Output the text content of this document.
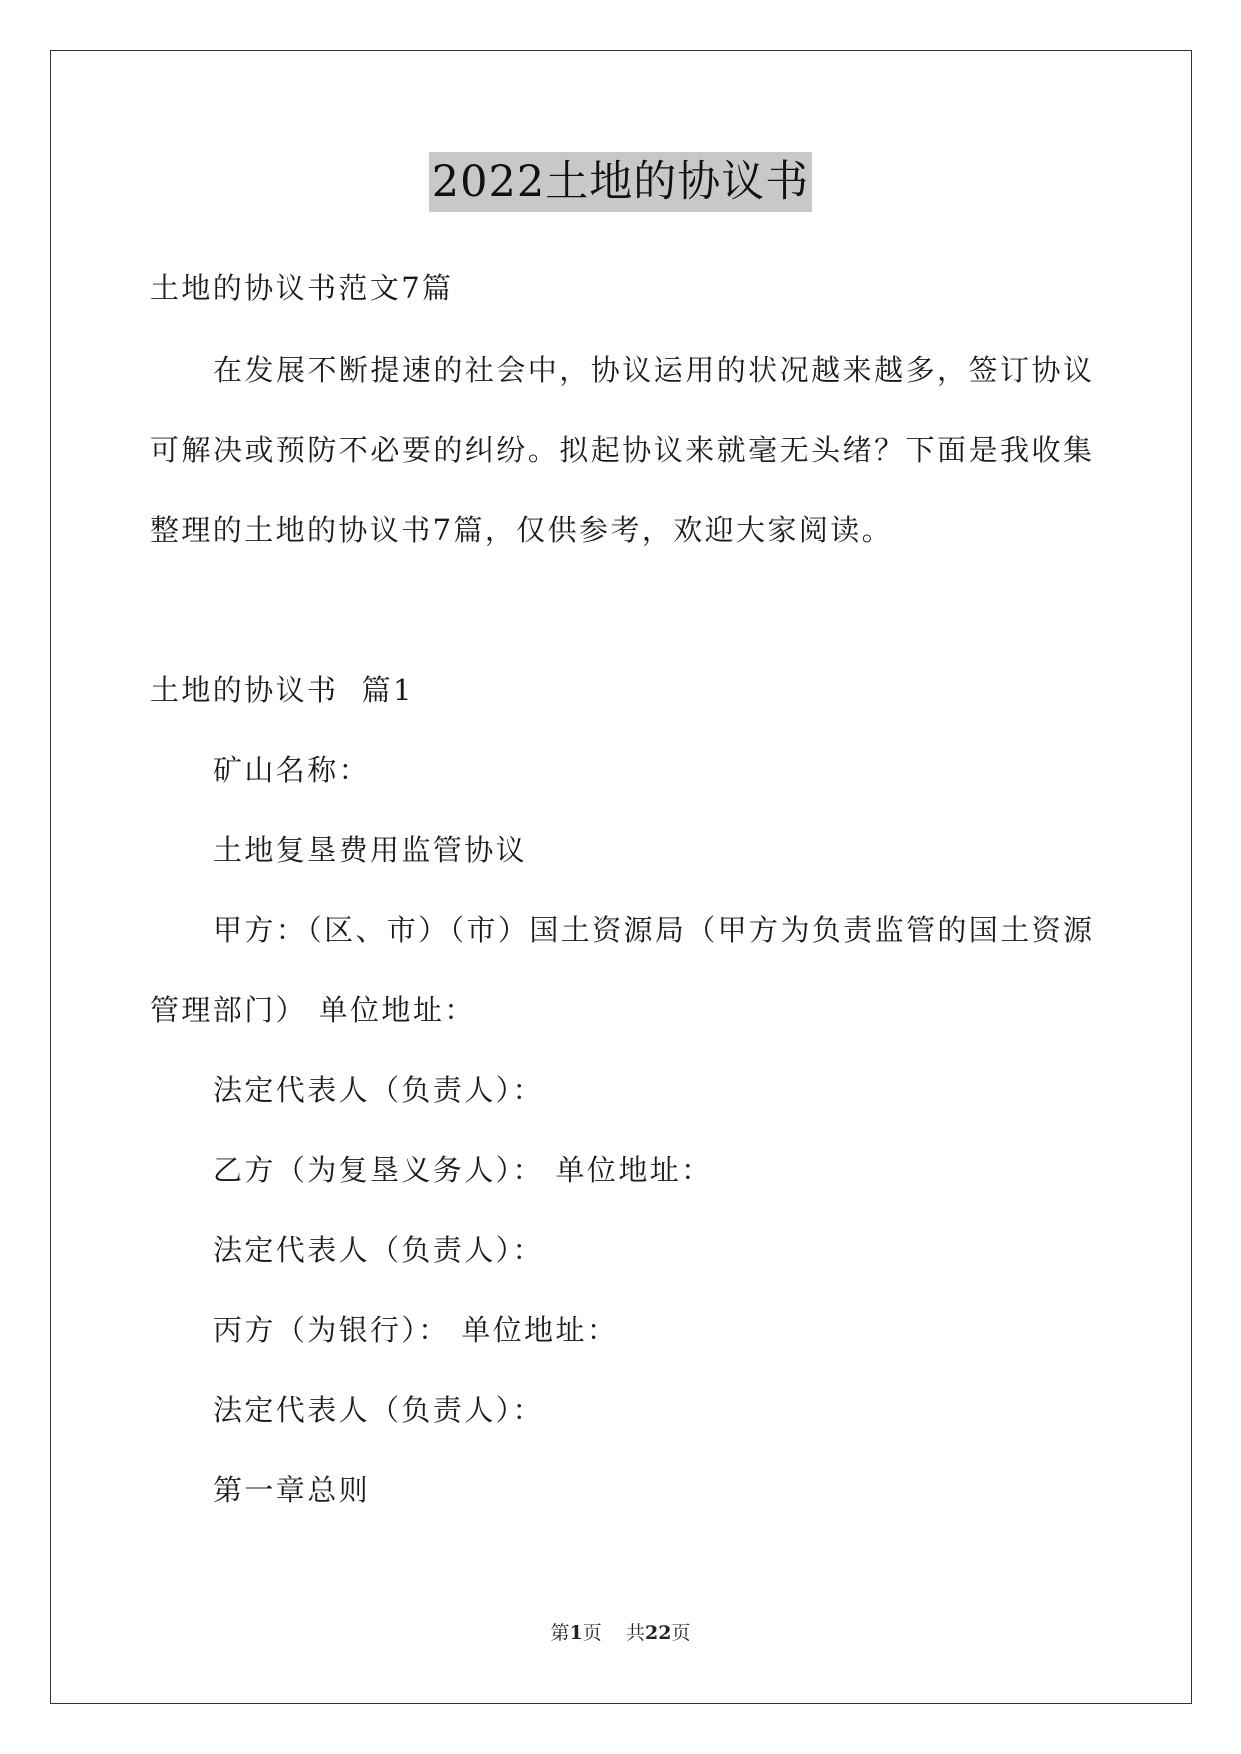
2022土地的协议书
土地的协议书范文7篇
在发展不断提速的社会中，协议运用的状况越来越多，签订协议
可解决或预防不必要的纠纷。拟起协议来就毫无头绪？下面是我收集
整理的土地的协议书7篇，仅供参考，欢迎大家阅读。
土地的协议书  篇1
矿山名称：
土地复垦费用监管协议
甲方：（区、市）（市）国土资源局（甲方为负责监管的国土资源
管理部门） 单位地址：
法定代表人（负责人）：
乙方（为复垦义务人）： 单位地址：
法定代表人（负责人）：
丙方（为银行）： 单位地址：
法定代表人（负责人）：
第一章总则
第1页 共22页
